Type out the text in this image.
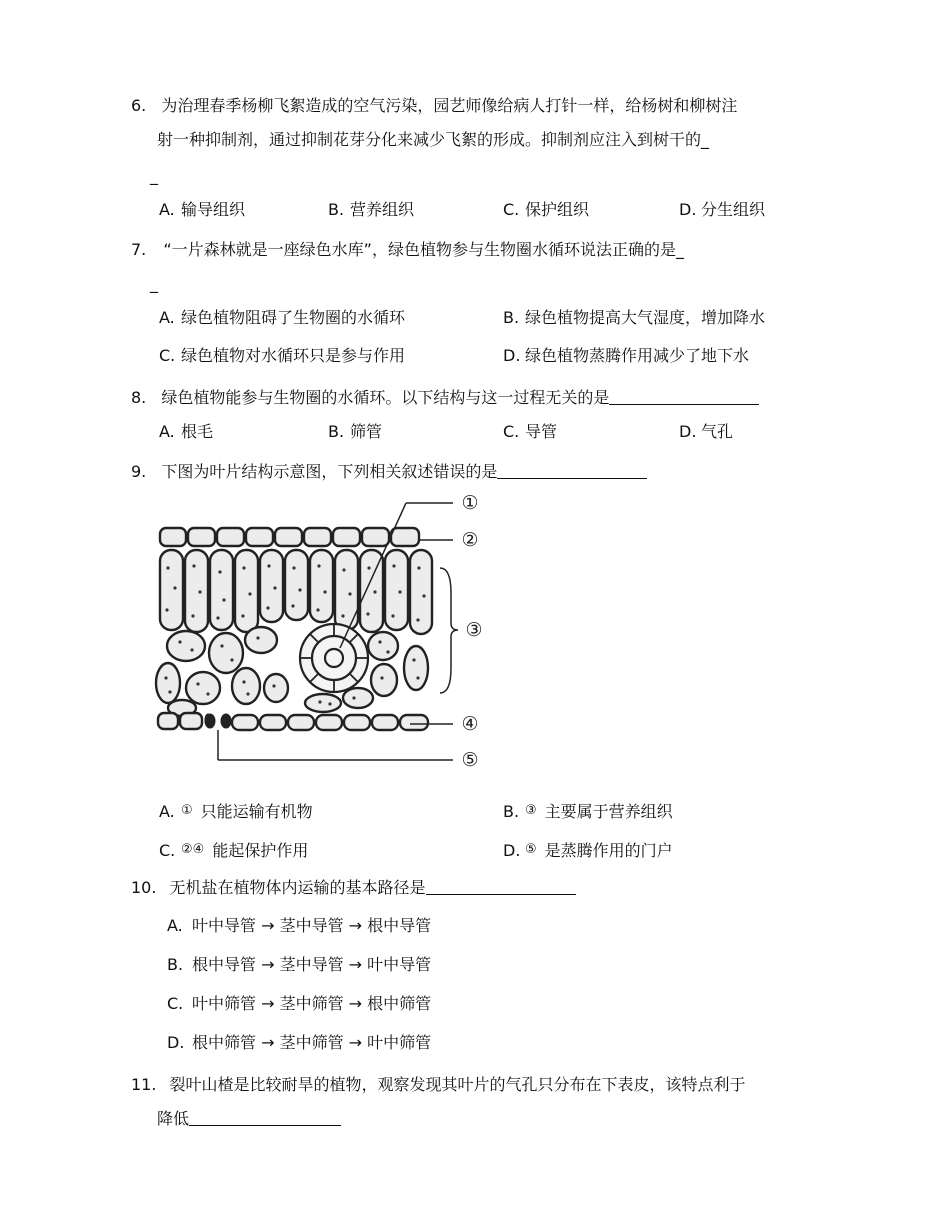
6. 为治理春季杨柳飞絮造成的空气污染，园艺师像给病人打针一样，给杨树和柳树注
射一种抑制剂，通过抑制花芽分化来减少飞絮的形成。抑制剂应注入到树干的_
_
A. 输导组织	B. 营养组织	C. 保护组织	D. 分生组织
7. “一片森林就是一座绿色水库”，绿色植物参与生物圈水循环说法正确的是_
_
A. 绿色植物阻碍了生物圈的水循环	B. 绿色植物提高大气湿度，增加降水
C. 绿色植物对水循环只是参与作用	D. 绿色植物蒸腾作用减少了地下水
8. 绿色植物能参与生物圈的水循环。以下结构与这一过程无关的是
A. 根毛	B. 筛管	C. 导管	D. 气孔
9. 下图为叶片结构示意图，下列相关叙述错误的是
①
②
③
④
⑤
A. ① 只能运输有机物	B. ③ 主要属于营养组织
C. ②④ 能起保护作用	D. ⑤ 是蒸腾作用的门户
10. 无机盐在植物体内运输的基本路径是
叶中导管 → 茎中导管 → 根中导管
A.
根中导管 → 茎中导管 → 叶中导管
B.
叶中筛管 → 茎中筛管 → 根中筛管
C.
根中筛管 → 茎中筛管 → 叶中筛管
D.
11. 裂叶山楂是比较耐旱的植物，观察发现其叶片的气孔只分布在下表皮，该特点利于
降低
